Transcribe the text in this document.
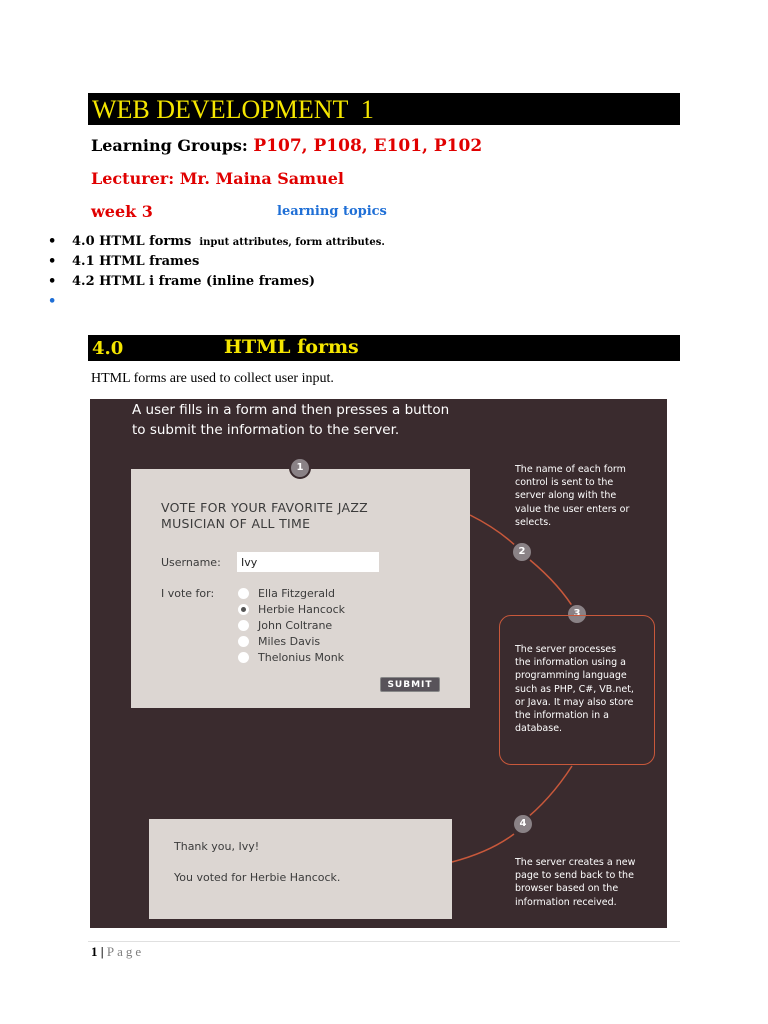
WEB DEVELOPMENT  1
Learning Groups: P107, P108, E101, P102
Lecturer: Mr. Maina Samuel
week 3	learning topics
•	4.0 HTML forms input attributes, form attributes.
•	4.1 HTML frames
•	4.2 HTML i frame (inline frames)
•
4.0	HTML forms
HTML forms are used to collect user input.
A user fills in a form and then presses a button
to submit the information to the server.
VOTE FOR YOUR FAVORITE JAZZ
MUSICIAN OF ALL TIME
Username:
Ivy
I vote for:	Ella Fitzgerald
Herbie Hancock
John Coltrane
Miles Davis
Thelonius Monk
SUBMIT
1
2
3
4
The name of each form
control is sent to the
server along with the
value the user enters or
selects.
The server processes
the information using a
programming language
such as PHP, C#, VB.net,
or Java. It may also store
the information in a
database.
The server creates a new
page to send back to the
browser based on the
information received.
Thank you, Ivy!
You voted for Herbie Hancock.
1 | Page
